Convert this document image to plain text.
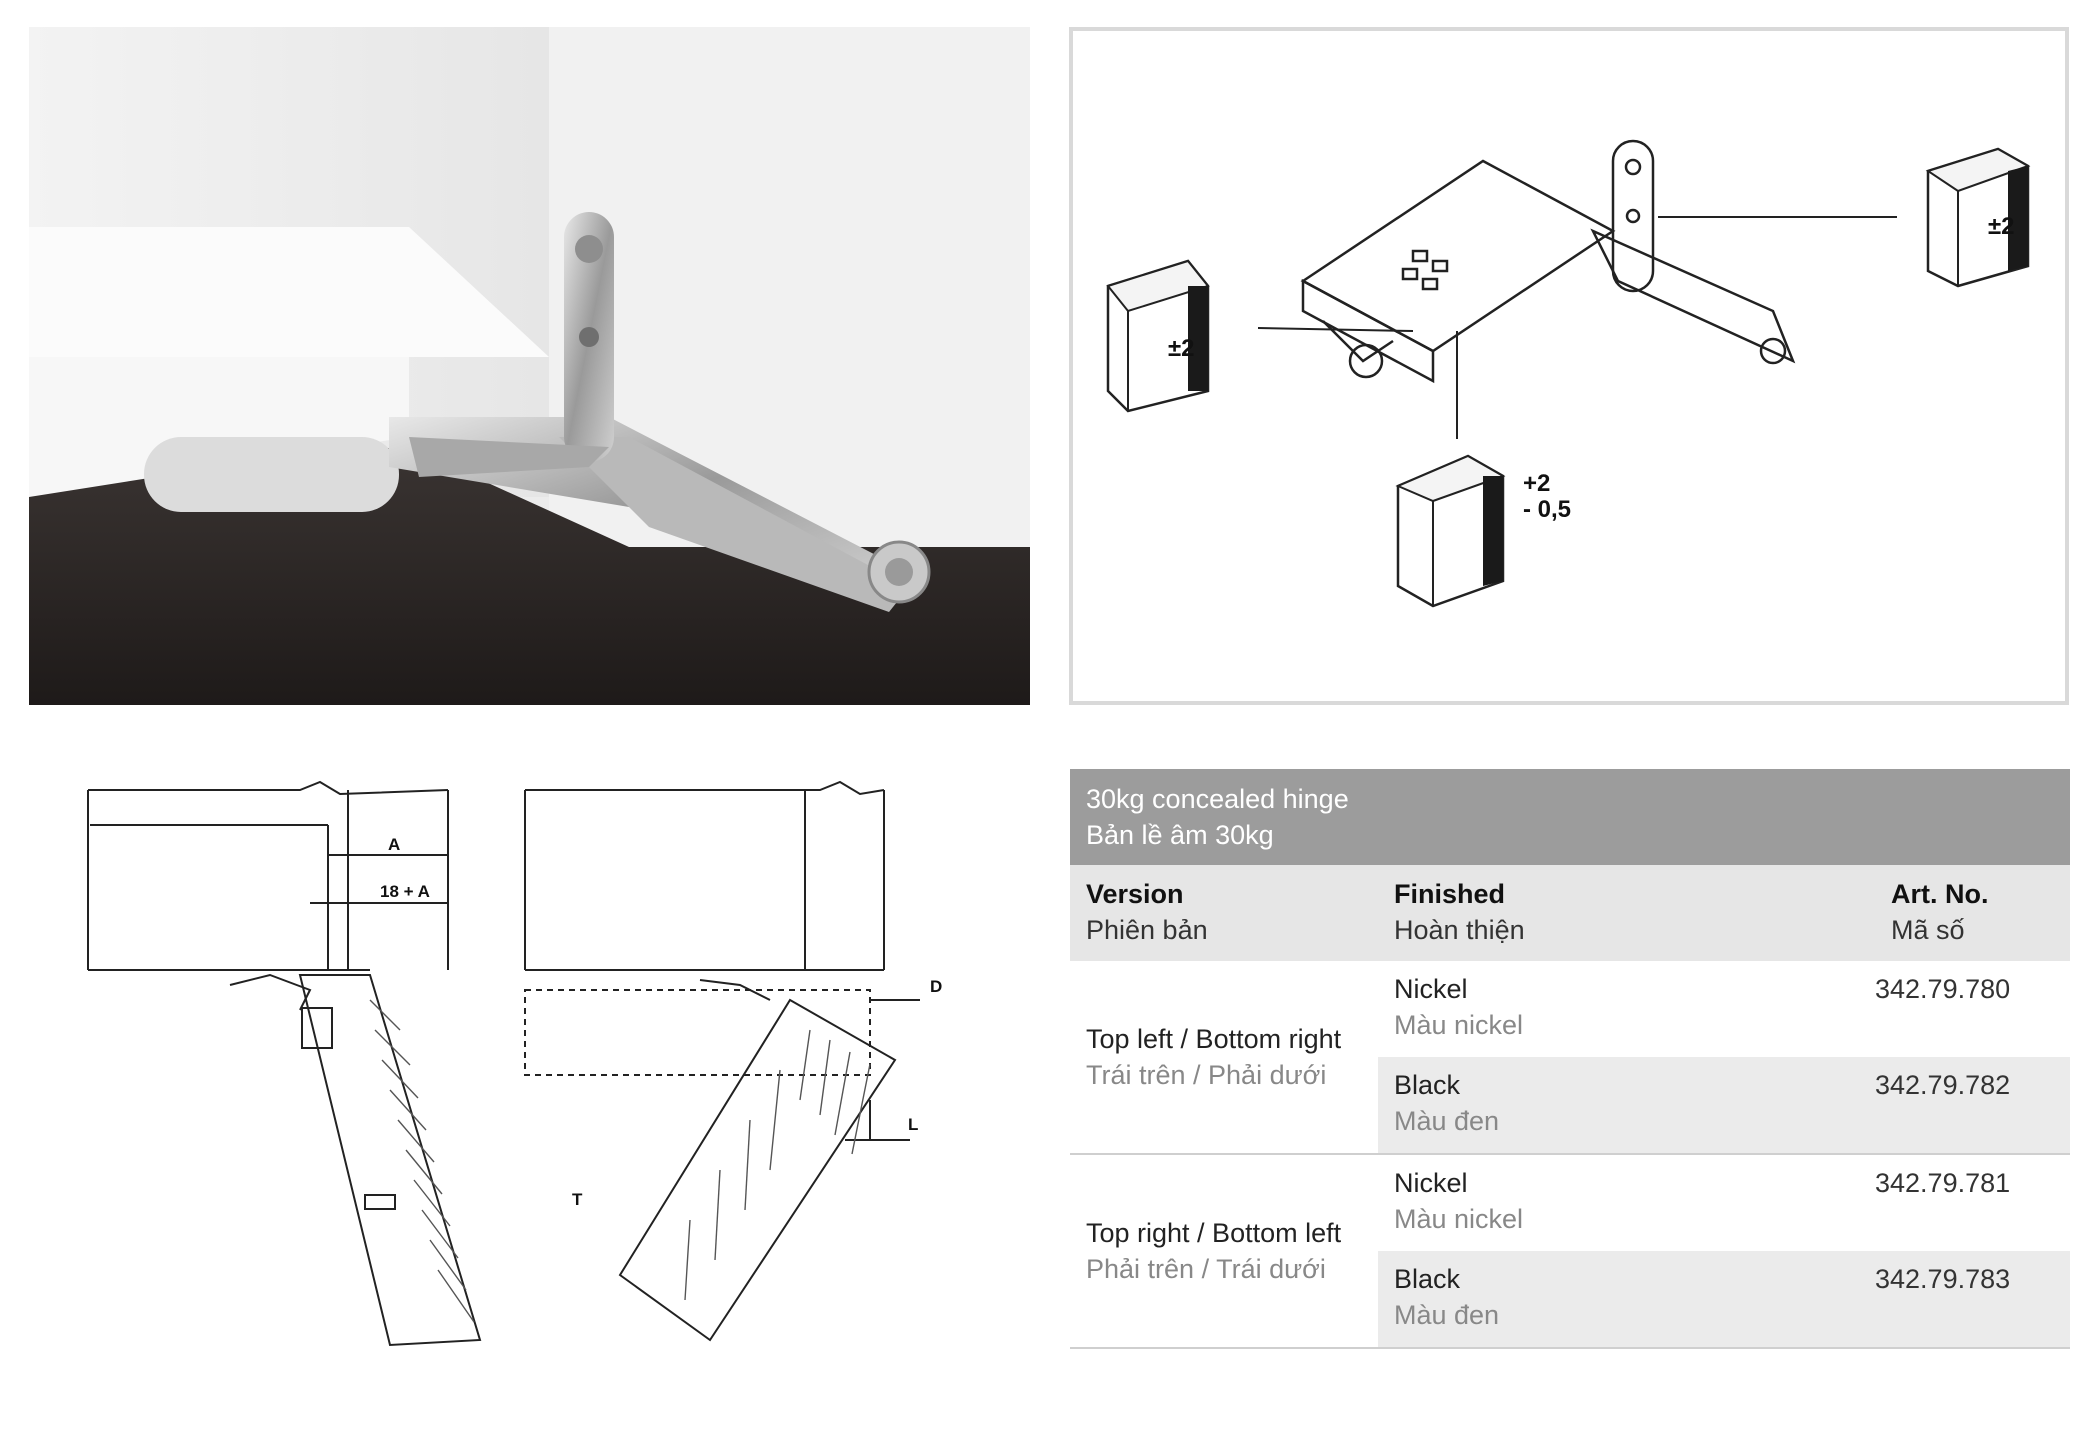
±2
±2
+2
- 0,5
A
18 + A
D
L
T
30kg concealed hinge
Bản lề âm 30kg
Version
Phiên bản
Finished
Hoàn thiện
Art. No.
Mã số
Top left / Bottom right
Trái trên / Phải dưới
Nickel
Màu nickel
342.79.780
Black
Màu đen
342.79.782
Top right / Bottom left
Phải trên / Trái dưới
Nickel
Màu nickel
342.79.781
Black
Màu đen
342.79.783
